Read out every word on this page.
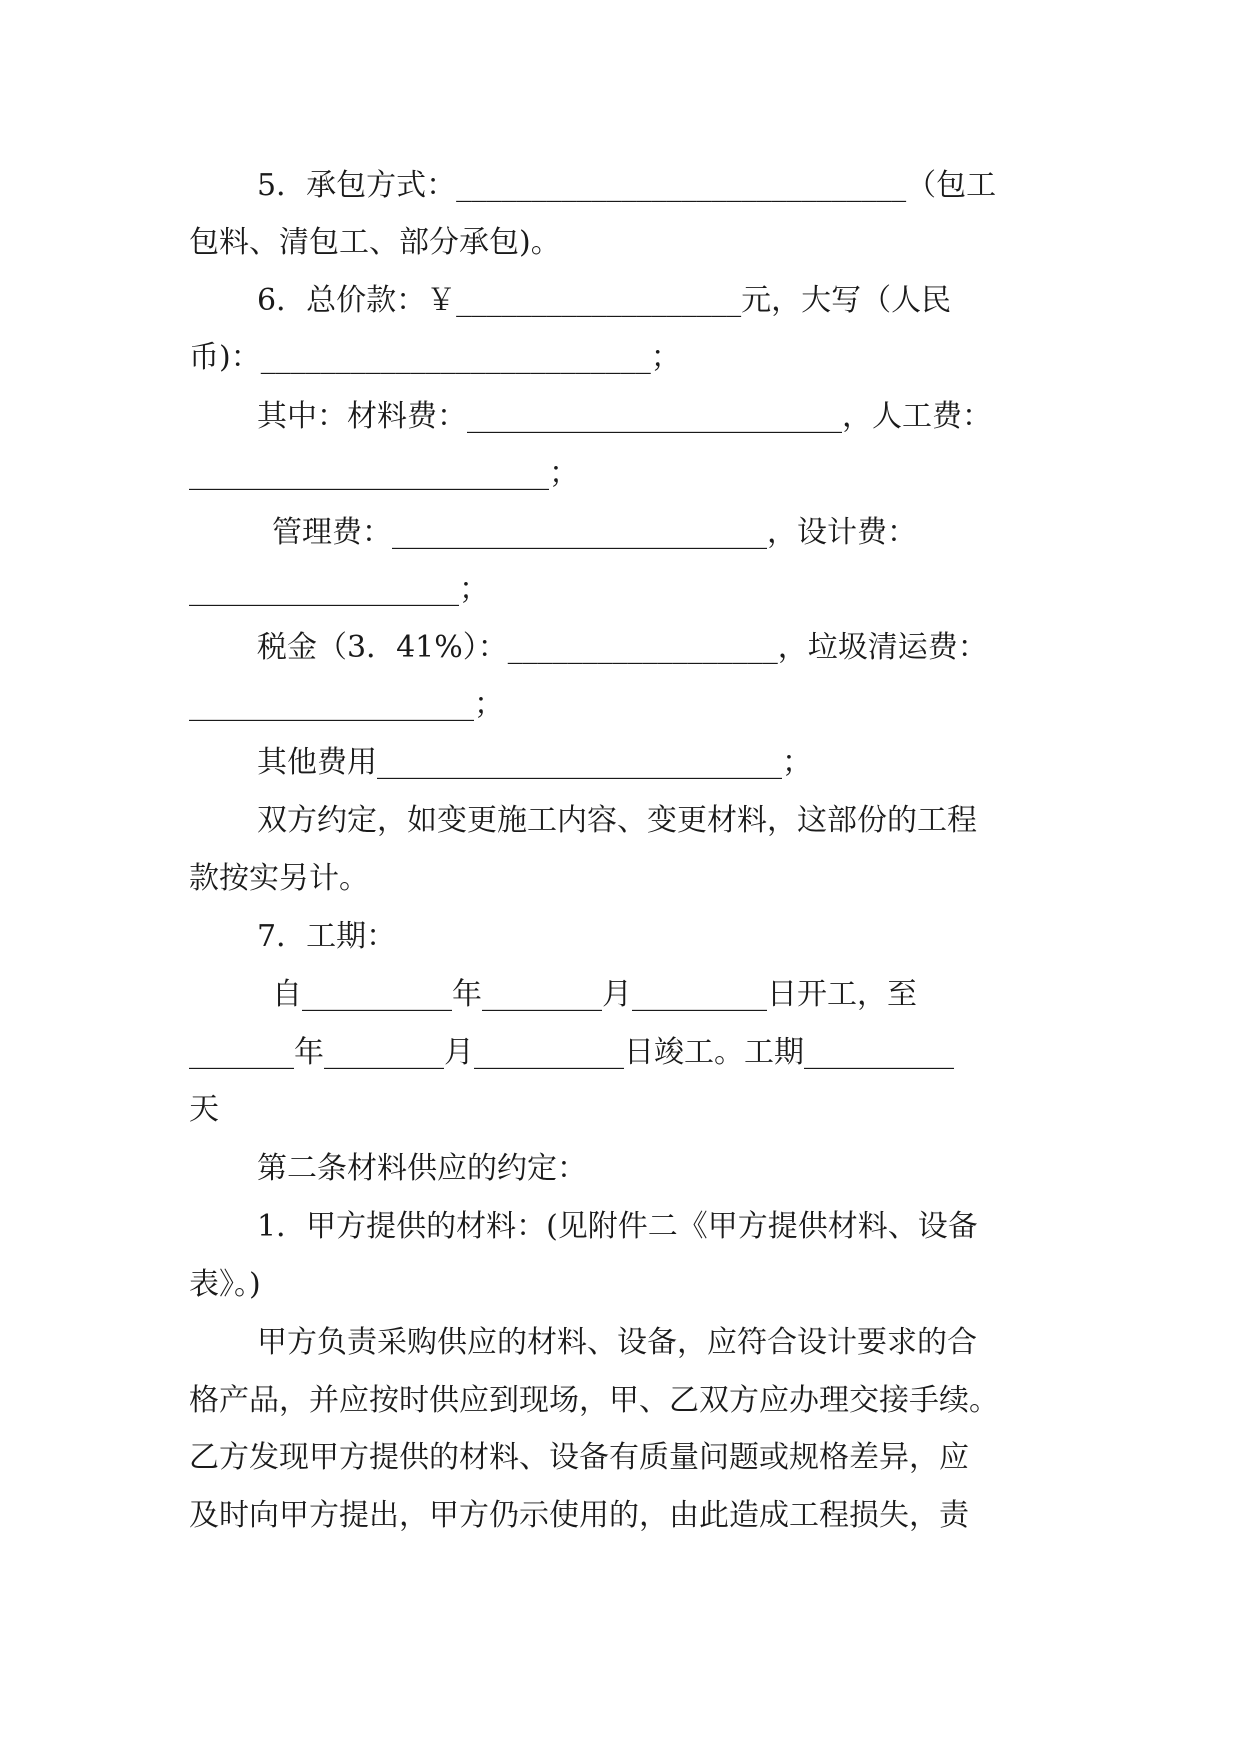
5．承包方式：______________________________（包工
包料、清包工、部分承包)。
6．总价款：￥___________________元，大写（人民
币)：__________________________；
其中：材料费：_________________________，人工费：
________________________；
管理费：_________________________，设计费：
__________________；
税金（3．41%）：__________________，垃圾清运费：
___________________；
其他费用___________________________；
双方约定，如变更施工内容、变更材料，这部份的工程
款按实另计。
7．工期：
自__________年________月_________日开工，至
_______年________月__________日竣工。工期__________
天
第二条材料供应的约定：
1．甲方提供的材料：(见附件二《甲方提供材料、设备
表》。)
甲方负责采购供应的材料、设备，应符合设计要求的合
格产品，并应按时供应到现场，甲、乙双方应办理交接手续。
乙方发现甲方提供的材料、设备有质量问题或规格差异，应
及时向甲方提出，甲方仍示使用的，由此造成工程损失，责
